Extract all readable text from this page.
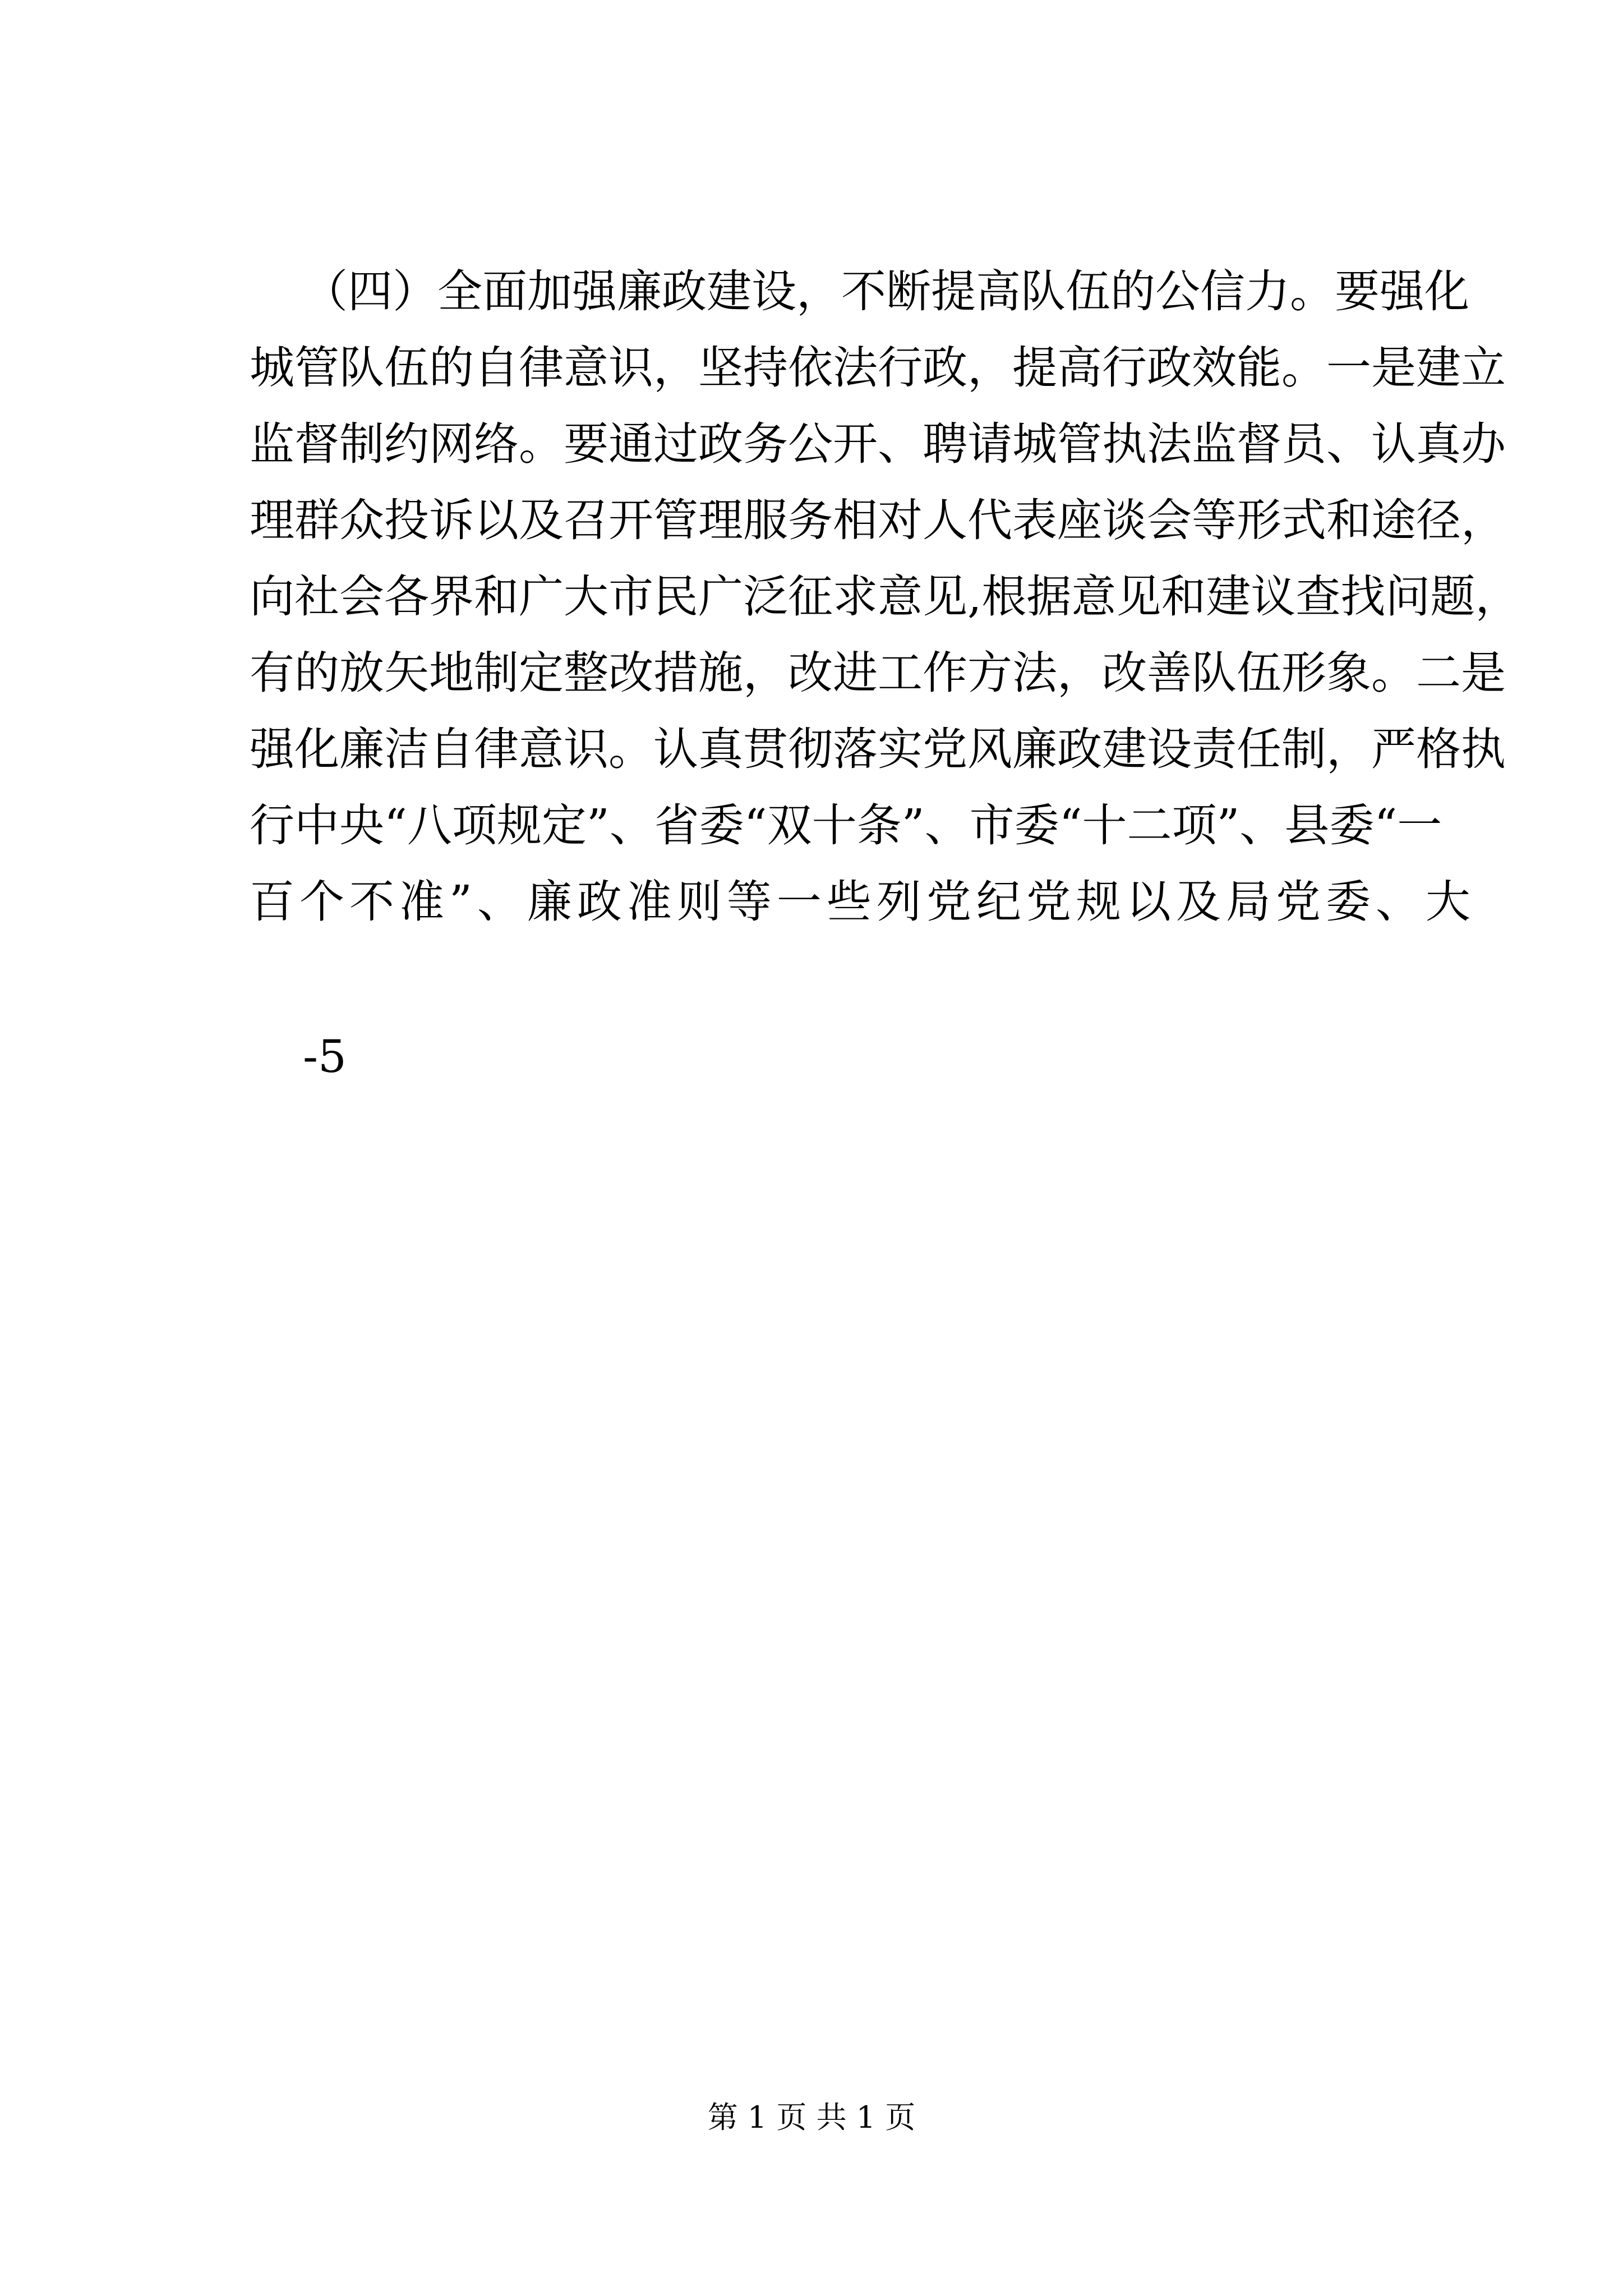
（四）全面加强廉政建设，不断提高队伍的公信力。要强化
城管队伍的自律意识，坚持依法行政，提高行政效能。一是建立
监督制约网络。要通过政务公开、聘请城管执法监督员、认真办
理群众投诉以及召开管理服务相对人代表座谈会等形式和途径，
向社会各界和广大市民广泛征求意见,根据意见和建议查找问题，
有的放矢地制定整改措施，改进工作方法，改善队伍形象。二是
强化廉洁自律意识。认真贯彻落实党风廉政建设责任制，严格执
行中央“八项规定”、省委“双十条”、市委“十二项”、县委“一
百个不准”、廉政准则等一些列党纪党规以及局党委、大
-5
第 1 页 共 1 页
